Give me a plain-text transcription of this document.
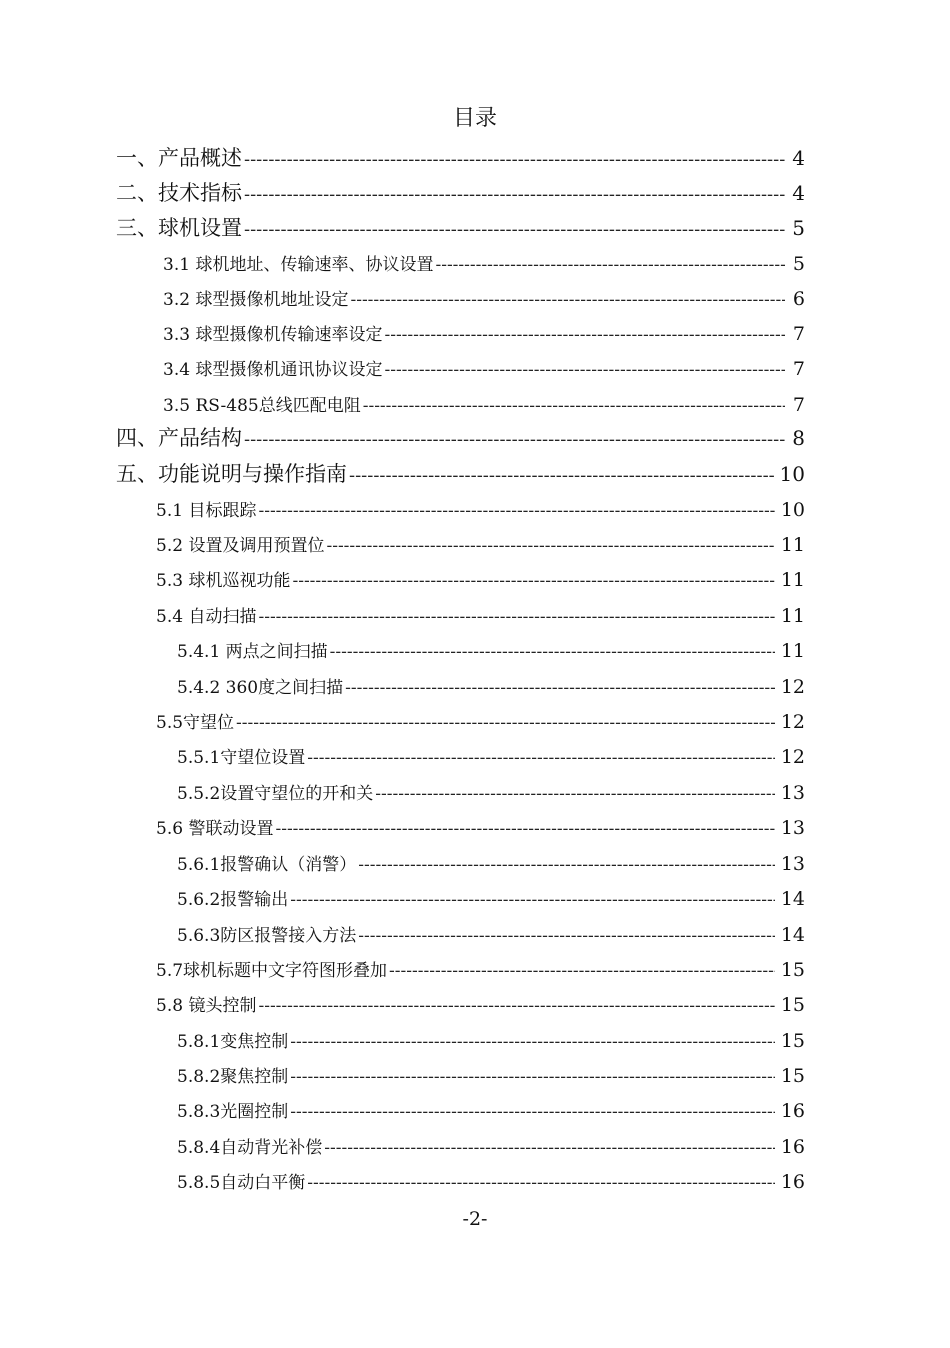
目录
一、产品概述 -----	4
二、技术指标 -----	4
三、球机设置 -----	5
3.1 球机地址、传输速率、协议设置 -----	5
3.2 球型摄像机地址设定 -----	6
3.3 球型摄像机传输速率设定 -----	7
3.4 球型摄像机通讯协议设定 -----	7
3.5 RS-485总线匹配电阻 -----	7
四、产品结构 -----	8
五、功能说明与操作指南 -----	10
5.1 目标跟踪 -----	10
5.2 设置及调用预置位 -----	11
5.3 球机巡视功能 -----	11
5.4 自动扫描 -----	11
5.4.1 两点之间扫描 -----	11
5.4.2 360度之间扫描 -----	12
5.5守望位 -----	12
5.5.1守望位设置 -----	12
5.5.2设置守望位的开和关 -----	13
5.6 警联动设置 -----	13
5.6.1报警确认（消警） -----	13
5.6.2报警输出 -----	14
5.6.3防区报警接入方法 -----	14
5.7球机标题中文字符图形叠加 -----	15
5.8 镜头控制 -----	15
5.8.1变焦控制 -----	15
5.8.2聚焦控制 -----	15
5.8.3光圈控制 -----	16
5.8.4自动背光补偿 -----	16
5.8.5自动白平衡 -----	16
-2-
